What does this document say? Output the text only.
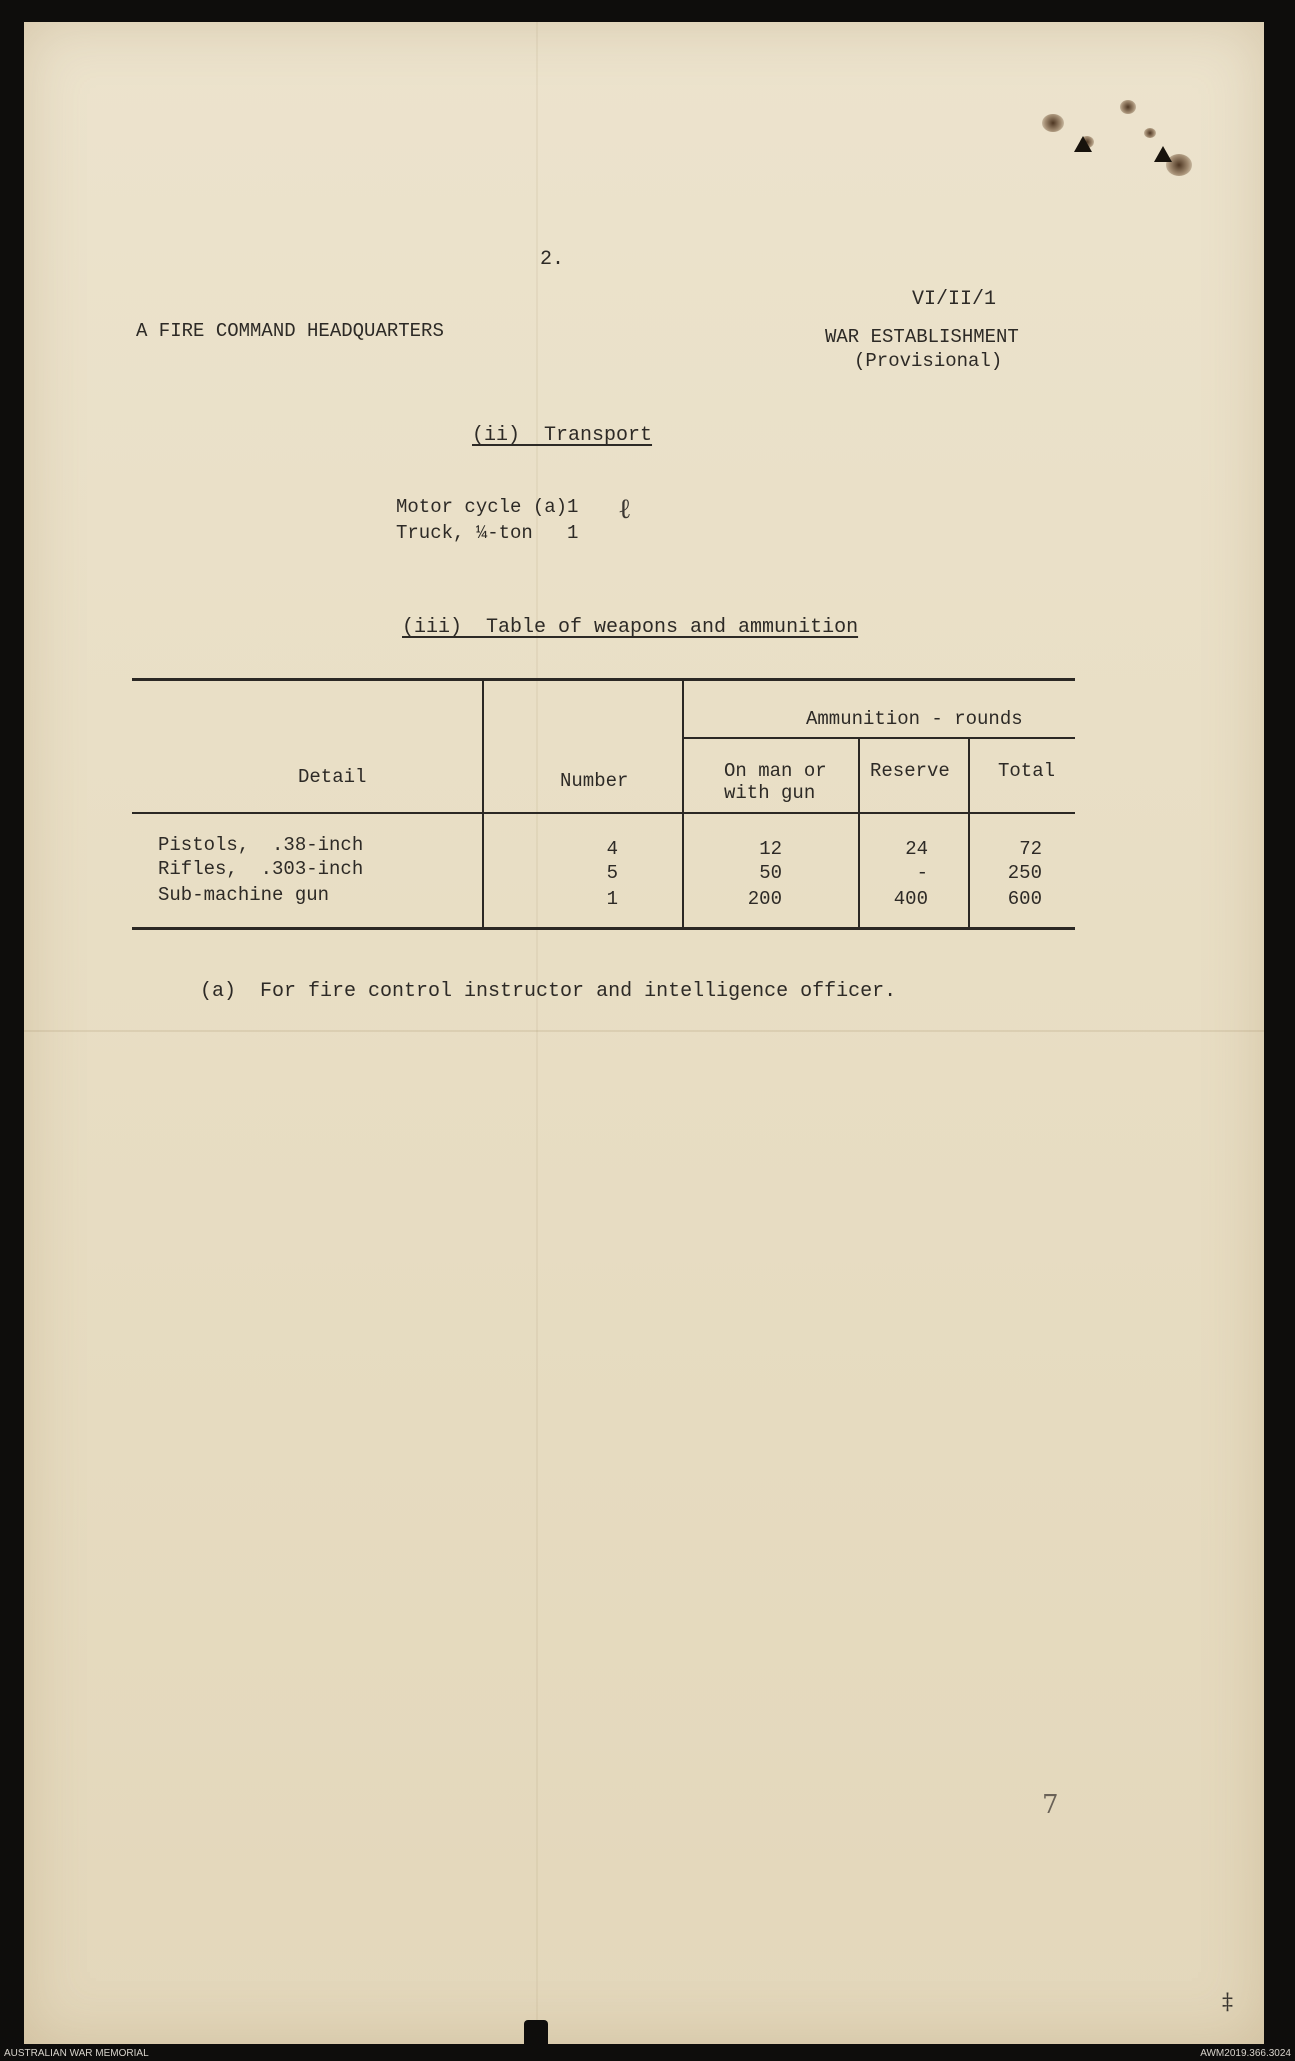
2.
VI/II/1
A FIRE COMMAND HEADQUARTERS	WAR ESTABLISHMENT
(Provisional)
(ii)  Transport
Motor cycle (a)1
Truck, ¼-ton   1
ℓ
(iii)  Table of weapons and ammunition
Detail	Number
Ammunition - rounds
On man or
with gun
Reserve	Total
Pistols,  .38-inch	4	12	24	72
Rifles,  .303-inch	5	50	-	250
Sub-machine gun	1	200	400	600
(a)  For fire control instructor and intelligence officer.
7
‡
AUSTRALIAN WAR MEMORIAL	AWM2019.366.3024
